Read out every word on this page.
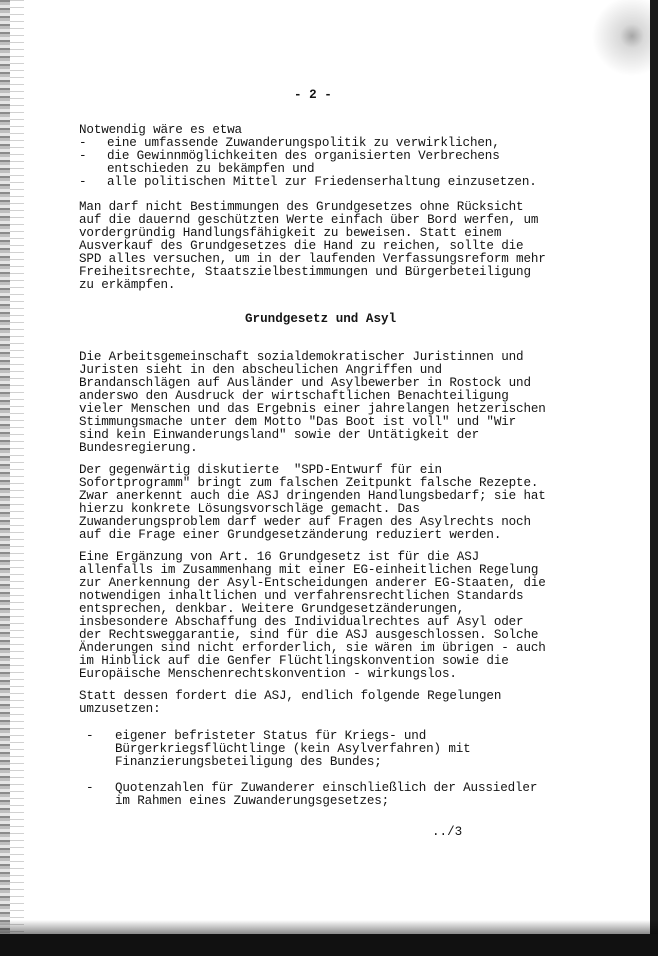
- 2 -
Notwendig wäre es etwa
- eine umfassende Zuwanderungspolitik zu verwirklichen,
- die Gewinnmöglichkeiten des organisierten Verbrechens
entschieden zu bekämpfen und
- alle politischen Mittel zur Friedenserhaltung einzusetzen.
Man darf nicht Bestimmungen des Grundgesetzes ohne Rücksicht
auf die dauernd geschützten Werte einfach über Bord werfen, um
vordergründig Handlungsfähigkeit zu beweisen. Statt einem
Ausverkauf des Grundgesetzes die Hand zu reichen, sollte die
SPD alles versuchen, um in der laufenden Verfassungsreform mehr
Freiheitsrechte, Staatszielbestimmungen und Bürgerbeteiligung
zu erkämpfen.
Grundgesetz und Asyl
Die Arbeitsgemeinschaft sozialdemokratischer Juristinnen und
Juristen sieht in den abscheulichen Angriffen und
Brandanschlägen auf Ausländer und Asylbewerber in Rostock und
anderswo den Ausdruck der wirtschaftlichen Benachteiligung
vieler Menschen und das Ergebnis einer jahrelangen hetzerischen
Stimmungsmache unter dem Motto "Das Boot ist voll" und "Wir
sind kein Einwanderungsland" sowie der Untätigkeit der
Bundesregierung.
Der gegenwärtig diskutierte  "SPD-Entwurf für ein
Sofortprogramm" bringt zum falschen Zeitpunkt falsche Rezepte.
Zwar anerkennt auch die ASJ dringenden Handlungsbedarf; sie hat
hierzu konkrete Lösungsvorschläge gemacht. Das
Zuwanderungsproblem darf weder auf Fragen des Asylrechts noch
auf die Frage einer Grundgesetzänderung reduziert werden.
Eine Ergänzung von Art. 16 Grundgesetz ist für die ASJ
allenfalls im Zusammenhang mit einer EG-einheitlichen Regelung
zur Anerkennung der Asyl-Entscheidungen anderer EG-Staaten, die
notwendigen inhaltlichen und verfahrensrechtlichen Standards
entsprechen, denkbar. Weitere Grundgesetzänderungen,
insbesondere Abschaffung des Individualrechtes auf Asyl oder
der Rechtsweggarantie, sind für die ASJ ausgeschlossen. Solche
Änderungen sind nicht erforderlich, sie wären im übrigen - auch
im Hinblick auf die Genfer Flüchtlingskonvention sowie die
Europäische Menschenrechtskonvention - wirkungslos.
Statt dessen fordert die ASJ, endlich folgende Regelungen
umzusetzen:
- eigener befristeter Status für Kriegs- und
Bürgerkriegsflüchtlinge (kein Asylverfahren) mit
Finanzierungsbeteiligung des Bundes;
- Quotenzahlen für Zuwanderer einschließlich der Aussiedler
im Rahmen eines Zuwanderungsgesetzes;
../3
